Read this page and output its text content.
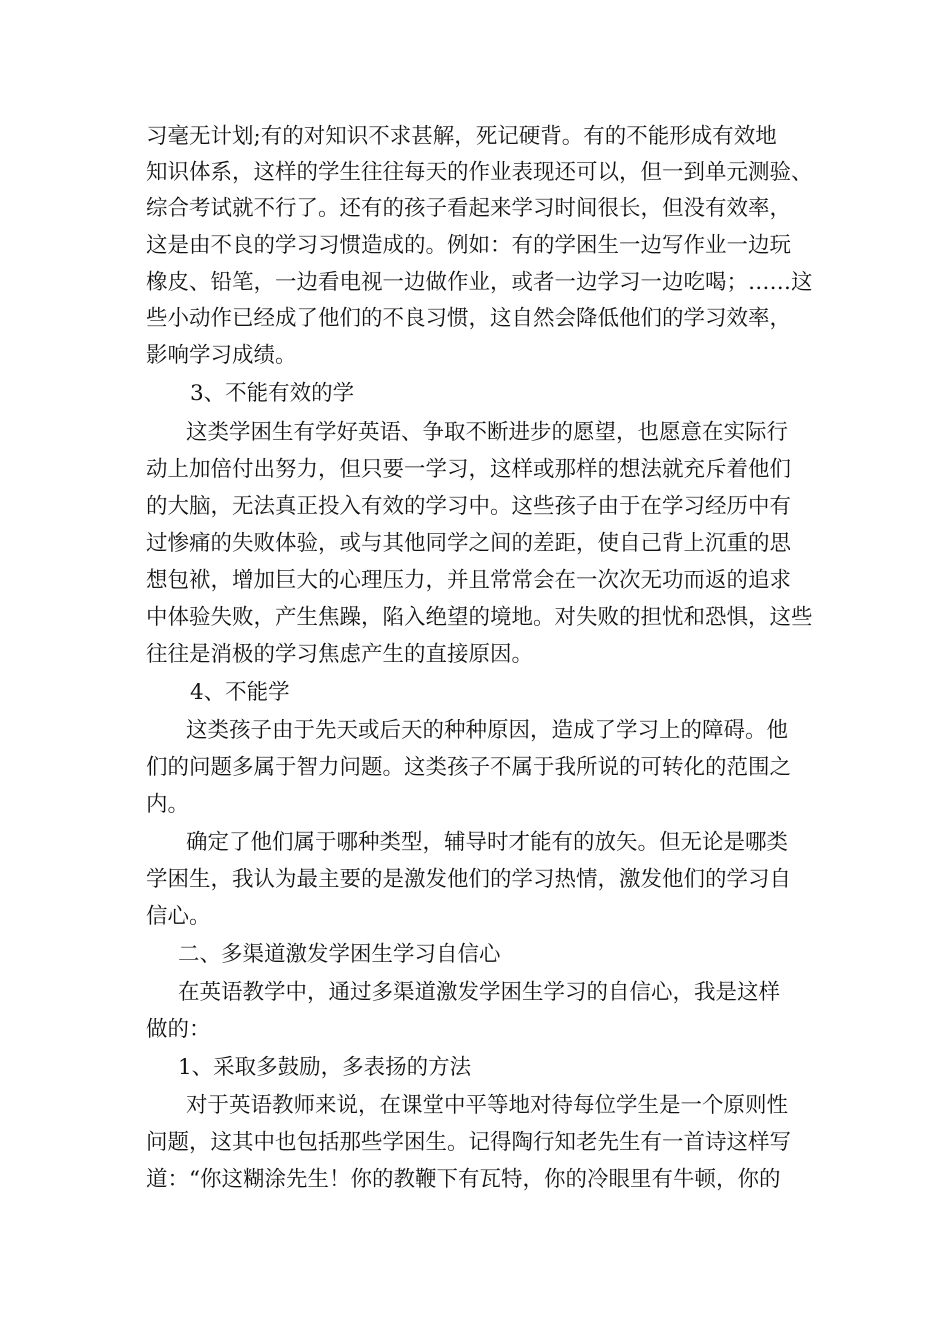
习毫无计划;有的对知识不求甚解，死记硬背。有的不能形成有效地
知识体系，这样的学生往往每天的作业表现还可以，但一到单元测验、
综合考试就不行了。还有的孩子看起来学习时间很长，但没有效率，
这是由不良的学习习惯造成的。例如：有的学困生一边写作业一边玩
橡皮、铅笔，一边看电视一边做作业，或者一边学习一边吃喝；……这
些小动作已经成了他们的不良习惯，这自然会降低他们的学习效率，
影响学习成绩。
3、不能有效的学
这类学困生有学好英语、争取不断进步的愿望，也愿意在实际行
动上加倍付出努力，但只要一学习，这样或那样的想法就充斥着他们
的大脑，无法真正投入有效的学习中。这些孩子由于在学习经历中有
过惨痛的失败体验，或与其他同学之间的差距，使自己背上沉重的思
想包袱，增加巨大的心理压力，并且常常会在一次次无功而返的追求
中体验失败，产生焦躁，陷入绝望的境地。对失败的担忧和恐惧，这些
往往是消极的学习焦虑产生的直接原因。
4、不能学
这类孩子由于先天或后天的种种原因，造成了学习上的障碍。他
们的问题多属于智力问题。这类孩子不属于我所说的可转化的范围之
内。
确定了他们属于哪种类型，辅导时才能有的放矢。但无论是哪类
学困生，我认为最主要的是激发他们的学习热情，激发他们的学习自
信心。
二、多渠道激发学困生学习自信心
在英语教学中，通过多渠道激发学困生学习的自信心，我是这样
做的：
1、采取多鼓励，多表扬的方法
对于英语教师来说，在课堂中平等地对待每位学生是一个原则性
问题，这其中也包括那些学困生。记得陶行知老先生有一首诗这样写
道：“你这糊涂先生！你的教鞭下有瓦特，你的冷眼里有牛顿，你的
